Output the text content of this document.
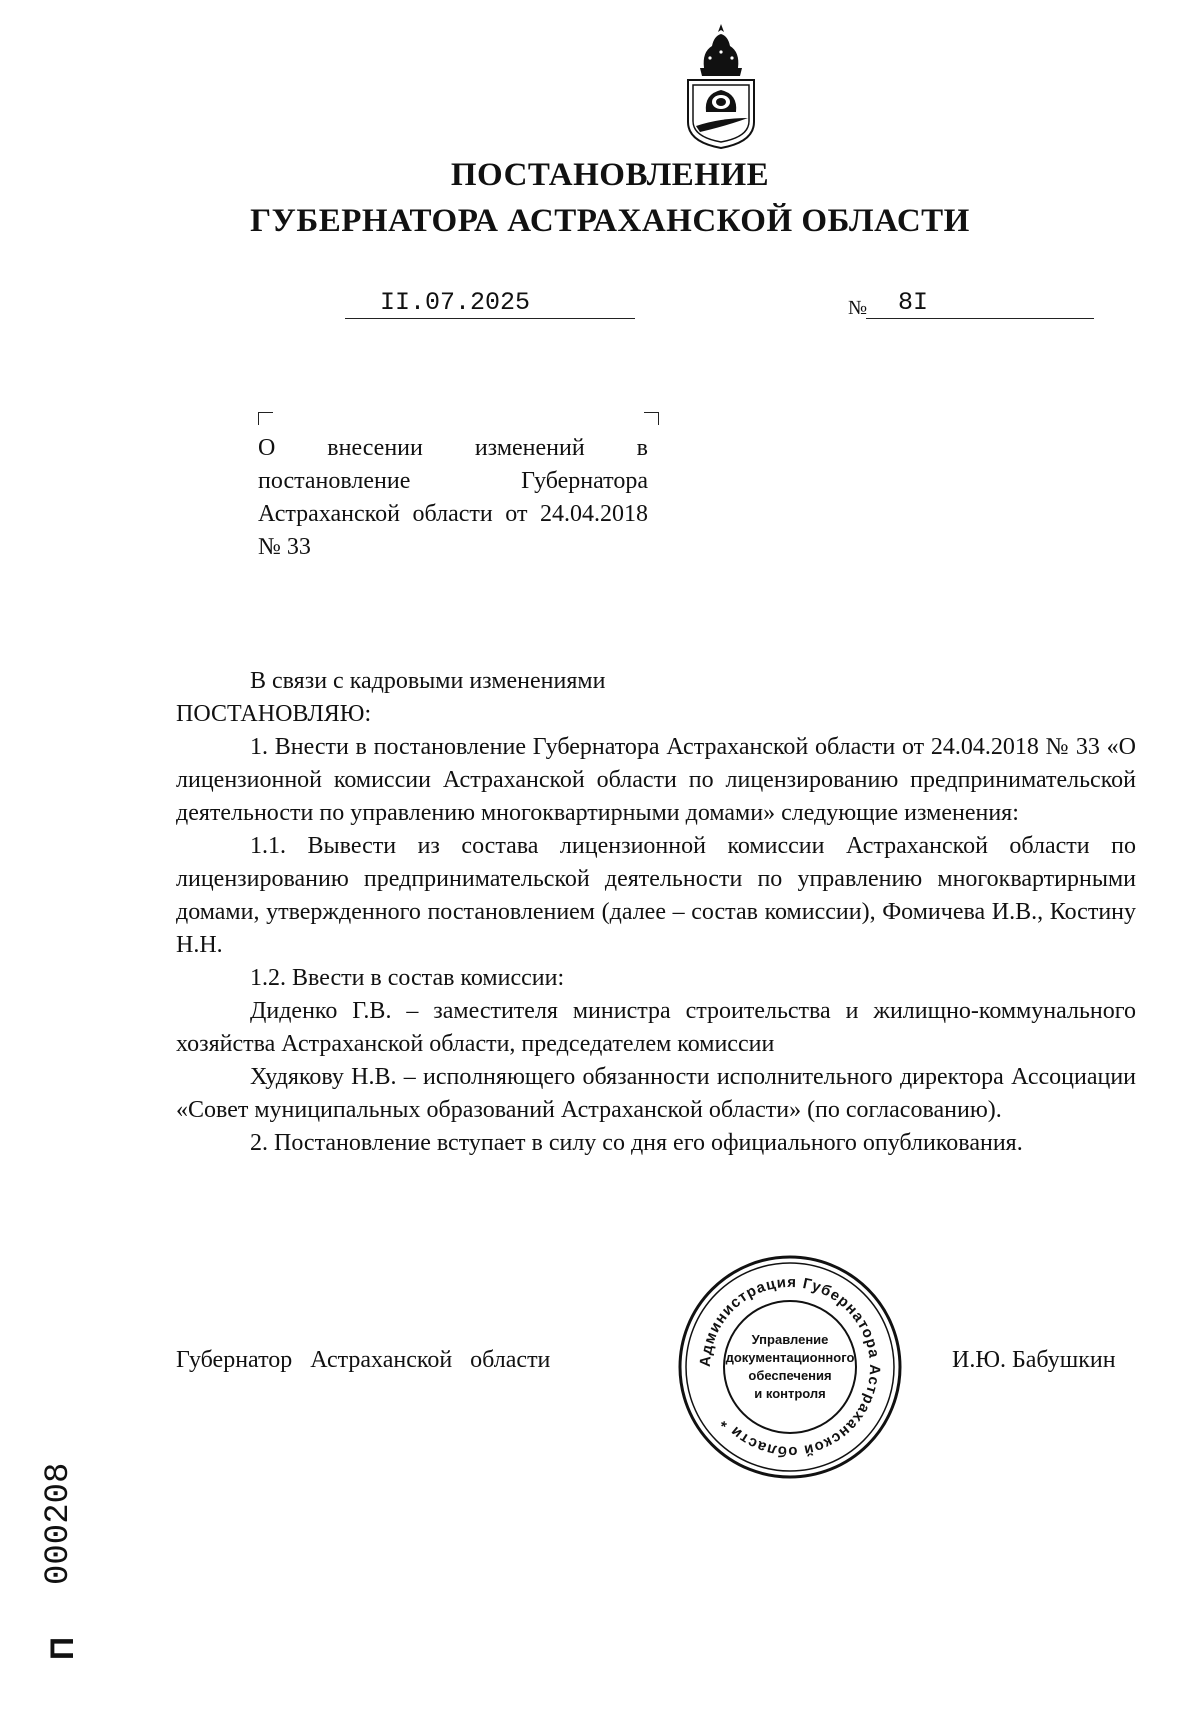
ПОСТАНОВЛЕНИЕ
ГУБЕРНАТОРА АСТРАХАНСКОЙ ОБЛАСТИ
II.07.2025	№ 8I
О внесении изменений в постановление Губернатора Астраханской области от 24.04.2018 № 33

В связи с кадровыми изменениями

ПОСТАНОВЛЯЮ:

1. Внести в постановление Губернатора Астраханской области от 24.04.2018 № 33 «О лицензионной комиссии Астраханской области по лицензированию предпринимательской деятельности по управлению многоквартирными домами» следующие изменения:

1.1. Вывести из состава лицензионной комиссии Астраханской области по лицензированию предпринимательской деятельности по управлению многоквартирными домами, утвержденного постановлением (далее – состав комиссии), Фомичева И.В., Костину Н.Н.

1.2. Ввести в состав комиссии:

Диденко Г.В. – заместителя министра строительства и жилищно-коммунального хозяйства Астраханской области, председателем комиссии

Худякову Н.В. – исполняющего обязанности исполнительного директора Ассоциации «Совет муниципальных образований Астраханской области» (по согласованию).

2. Постановление вступает в силу со дня его официального опубликования.

Губернатор Астраханской области	И.Ю. Бабушкин
Администрация Губернатора Астраханской области *
Управление
документационного
обеспечения
и контроля
000208
П
